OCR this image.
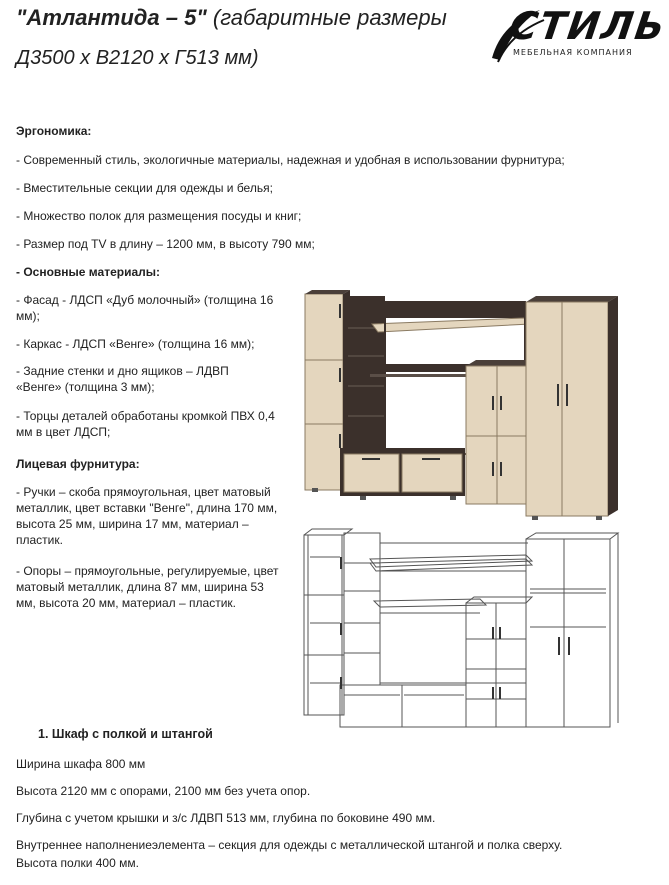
"Атлантида – 5" (габаритные размеры
Д3500 х В2120 х Г513 мм)
СТИЛЬ
МЕБЕЛЬНАЯ КОМПАНИЯ
Эргономика:
- Современный стиль, экологичные материалы, надежная и удобная в использовании фурнитура;
- Вместительные секции для одежды и белья;
- Множество полок для размещения посуды и книг;
- Размер под TV в длину – 1200 мм, в высоту 790 мм;
- Основные материалы:
- Фасад - ЛДСП «Дуб молочный» (толщина 16 мм);
- Каркас - ЛДСП «Венге» (толщина 16 мм);
- Задние стенки и дно ящиков – ЛДВП «Венге» (толщина 3 мм);
- Торцы деталей обработаны кромкой ПВХ 0,4 мм в цвет ЛДСП;
Лицевая фурнитура:
- Ручки – скоба прямоугольная, цвет матовый металлик, цвет вставки "Венге", длина 170 мм, высота 25 мм, ширина 17 мм, материал – пластик.
- Опоры – прямоугольные, регулируемые, цвет матовый металлик, длина 87 мм, ширина 53 мм, высота 20 мм, материал – пластик.
1. Шкаф с полкой и штангой
Ширина шкафа 800 мм
Высота 2120 мм с опорами, 2100 мм без учета опор.
Глубина с учетом крышки и з/с ЛДВП 513 мм, глубина по боковине 490 мм.
Внутреннее наполнениеэлемента – секция для одежды с металлической штангой и полка сверху.
Высота полки 400 мм.
